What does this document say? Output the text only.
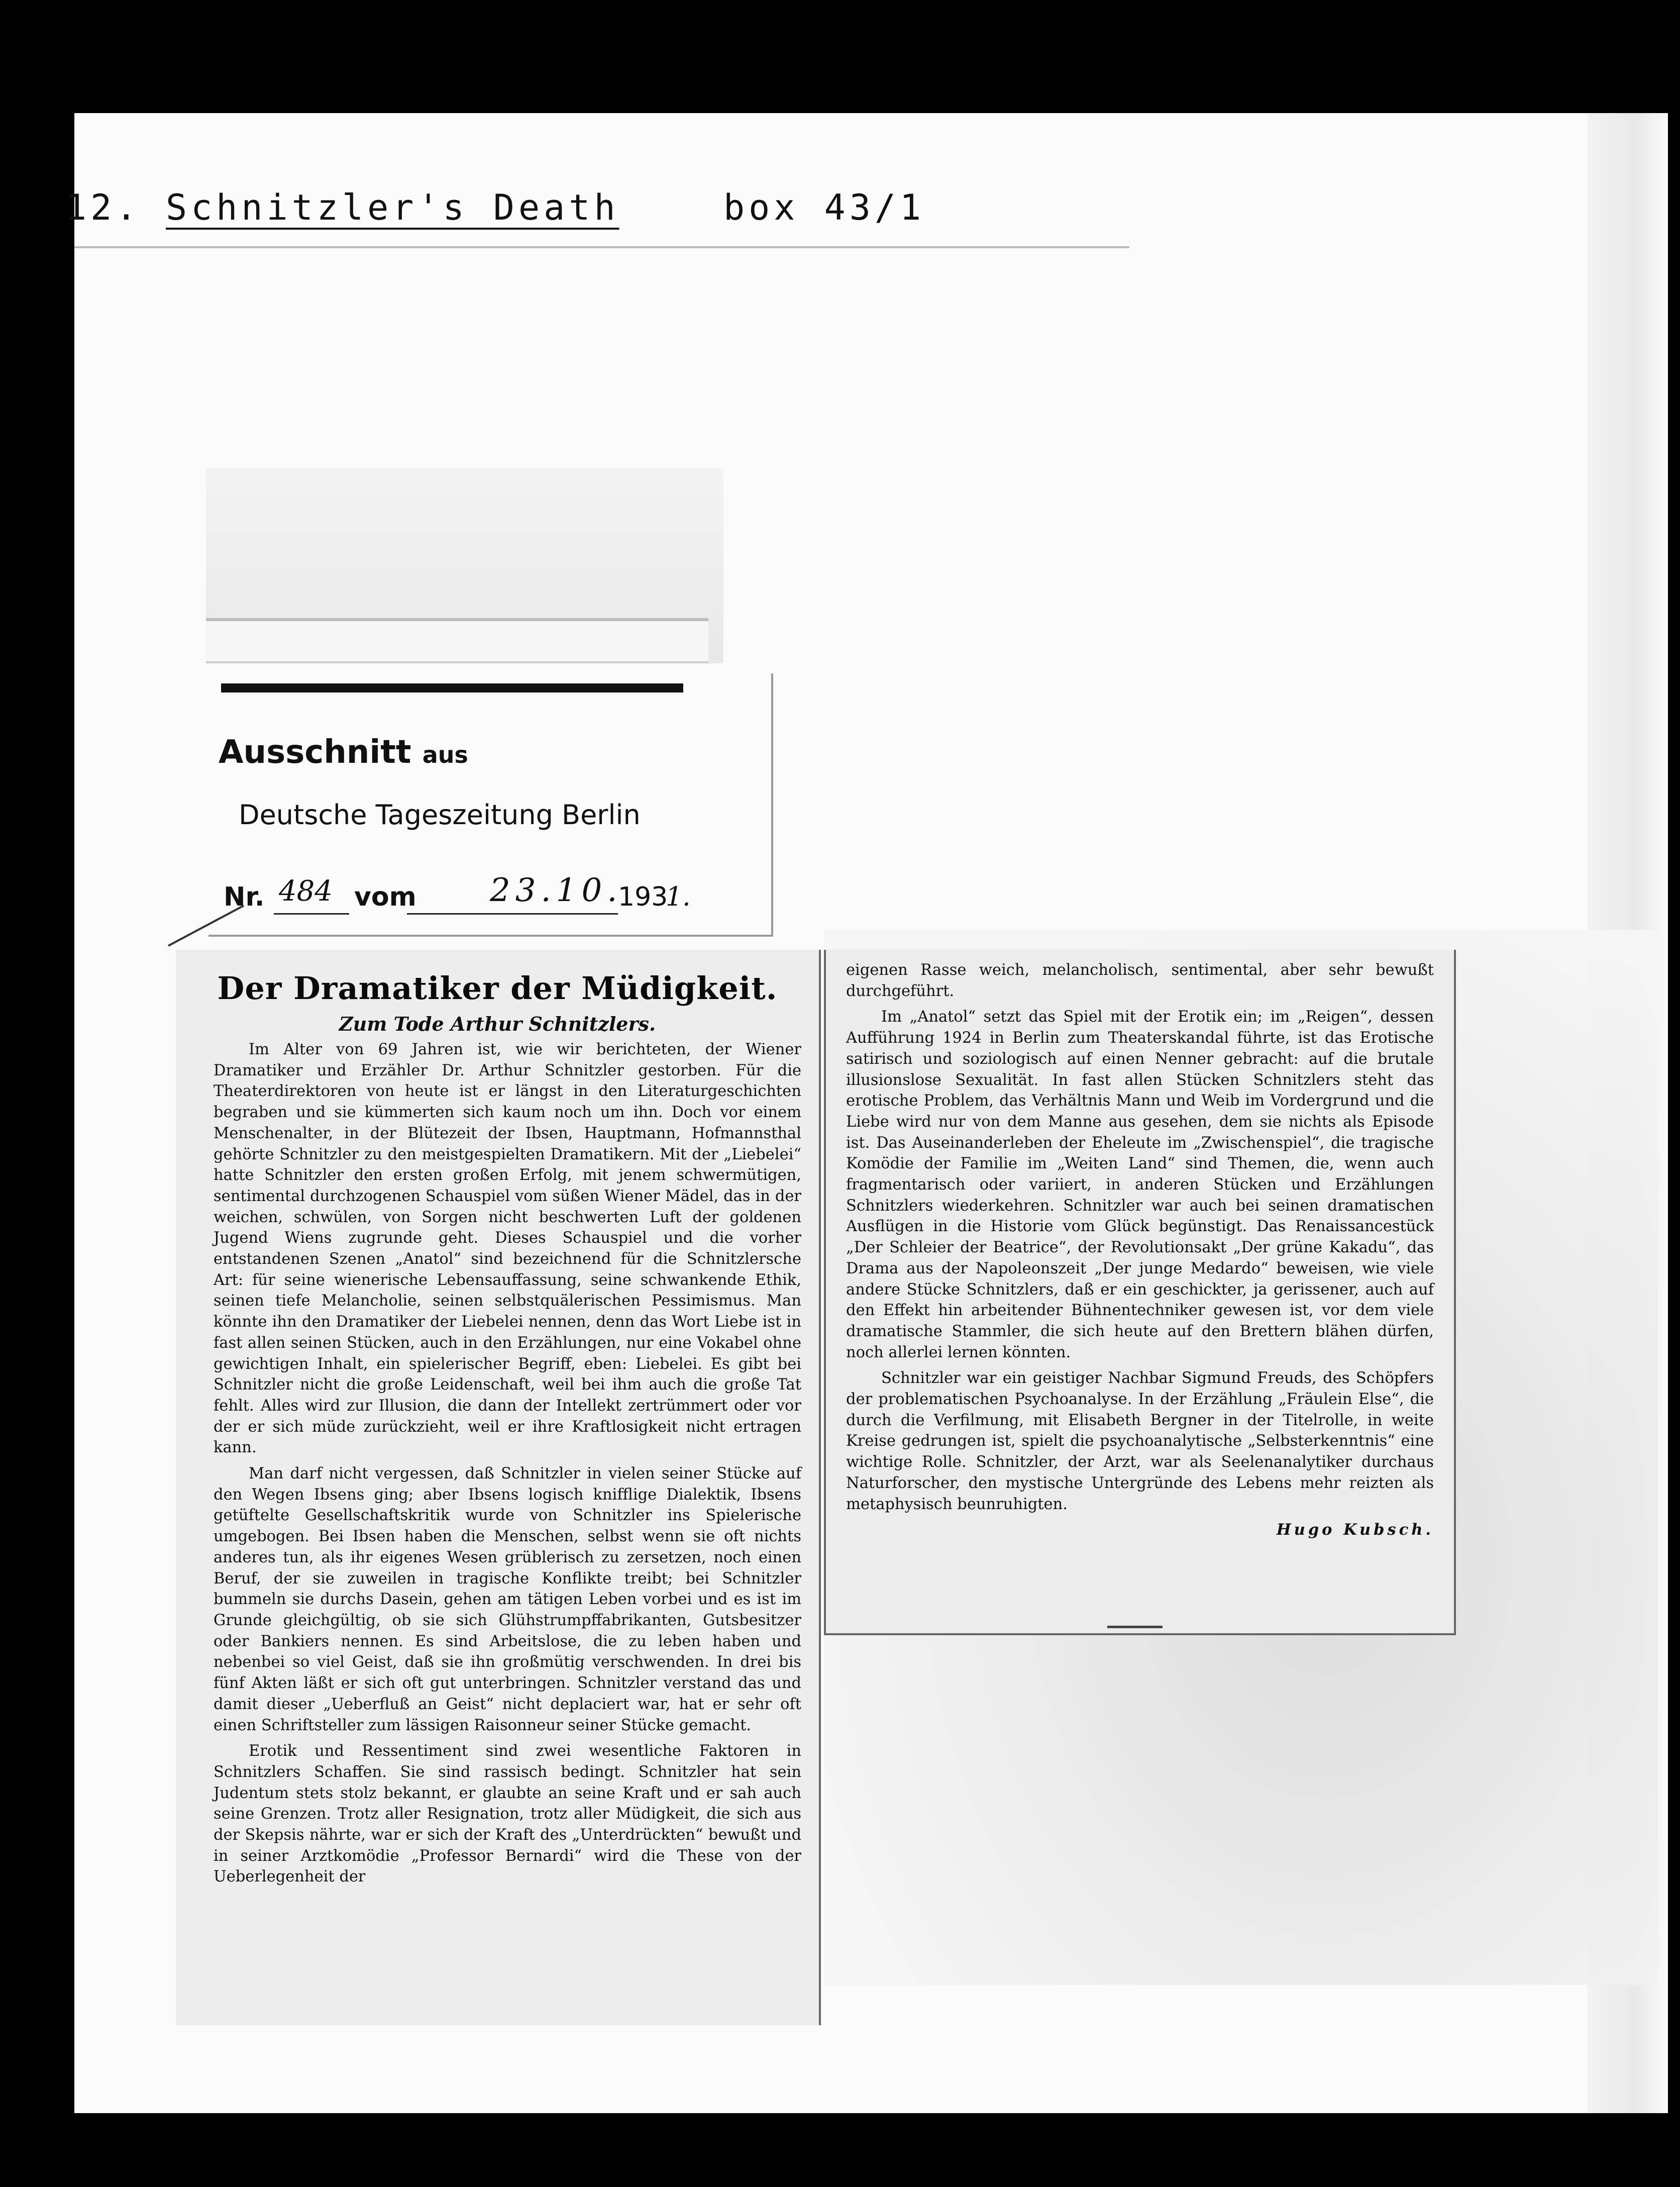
12. Schnitzler's Death	box 43/1
Ausschnitt aus
Deutsche Tageszeitung Berlin
Nr. 484 vom 23.10.
193
1.
Der Dramatiker der Müdigkeit.
Zum Tode Arthur Schnitzlers.

Im Alter von 69 Jahren ist, wie wir berichteten, der Wiener Dramatiker und Erzähler Dr. Arthur Schnitzler gestorben. Für die Theaterdirektoren von heute ist er längst in den Literaturgeschichten begraben und sie kümmerten sich kaum noch um ihn. Doch vor einem Menschenalter, in der Blütezeit der Ibsen, Hauptmann, Hofmannsthal gehörte Schnitzler zu den meistgespielten Dramatikern. Mit der „Liebelei“ hatte Schnitzler den ersten großen Erfolg, mit jenem schwermütigen, sentimental durchzogenen Schauspiel vom süßen Wiener Mädel, das in der weichen, schwülen, von Sorgen nicht beschwerten Luft der goldenen Jugend Wiens zugrunde geht. Dieses Schauspiel und die vorher entstandenen Szenen „Anatol“ sind bezeichnend für die Schnitzlersche Art: für seine wienerische Lebensauffassung, seine schwankende Ethik, seinen tiefe Melancholie, seinen selbstquälerischen Pessimismus. Man könnte ihn den Dramatiker der Liebelei nennen, denn das Wort Liebe ist in fast allen seinen Stücken, auch in den Erzählungen, nur eine Vokabel ohne gewichtigen Inhalt, ein spielerischer Begriff, eben: Liebelei. Es gibt bei Schnitzler nicht die große Leidenschaft, weil bei ihm auch die große Tat fehlt. Alles wird zur Illusion, die dann der Intellekt zertrümmert oder vor der er sich müde zurückzieht, weil er ihre Kraftlosigkeit nicht ertragen kann.

Man darf nicht vergessen, daß Schnitzler in vielen seiner Stücke auf den Wegen Ibsens ging; aber Ibsens logisch knifflige Dialektik, Ibsens getüftelte Gesellschaftskritik wurde von Schnitzler ins Spielerische umgebogen. Bei Ibsen haben die Menschen, selbst wenn sie oft nichts anderes tun, als ihr eigenes Wesen grüblerisch zu zersetzen, noch einen Beruf, der sie zuweilen in tragische Konflikte treibt; bei Schnitzler bummeln sie durchs Dasein, gehen am tätigen Leben vorbei und es ist im Grunde gleichgültig, ob sie sich Glühstrumpffabrikanten, Gutsbesitzer oder Bankiers nennen. Es sind Arbeitslose, die zu leben haben und nebenbei so viel Geist, daß sie ihn großmütig verschwenden. In drei bis fünf Akten läßt er sich oft gut unterbringen. Schnitzler verstand das und damit dieser „Ueberfluß an Geist“ nicht deplaciert war, hat er sehr oft einen Schriftsteller zum lässigen Raisonneur seiner Stücke gemacht.

Erotik und Ressentiment sind zwei wesentliche Faktoren in Schnitzlers Schaffen. Sie sind rassisch bedingt. Schnitzler hat sein Judentum stets stolz bekannt, er glaubte an seine Kraft und er sah auch seine Grenzen. Trotz aller Resignation, trotz aller Müdigkeit, die sich aus der Skepsis nährte, war er sich der Kraft des „Unterdrückten“ bewußt und in seiner Arztkomödie „Professor Bernardi“ wird die These von der Ueberlegenheit der

eigenen Rasse weich, melancholisch, sentimental, aber sehr bewußt durchgeführt.

Im „Anatol“ setzt das Spiel mit der Erotik ein; im „Reigen“, dessen Aufführung 1924 in Berlin zum Theaterskandal führte, ist das Erotische satirisch und soziologisch auf einen Nenner gebracht: auf die brutale illusionslose Sexualität. In fast allen Stücken Schnitzlers steht das erotische Problem, das Verhältnis Mann und Weib im Vordergrund und die Liebe wird nur von dem Manne aus gesehen, dem sie nichts als Episode ist. Das Auseinanderleben der Eheleute im „Zwischenspiel“, die tragische Komödie der Familie im „Weiten Land“ sind Themen, die, wenn auch fragmentarisch oder variiert, in anderen Stücken und Erzählungen Schnitzlers wiederkehren. Schnitzler war auch bei seinen dramatischen Ausflügen in die Historie vom Glück begünstigt. Das Renaissancestück „Der Schleier der Beatrice“, der Revolutionsakt „Der grüne Kakadu“, das Drama aus der Napoleonszeit „Der junge Medardo“ beweisen, wie viele andere Stücke Schnitzlers, daß er ein geschickter, ja gerissener, auch auf den Effekt hin arbeitender Bühnentechniker gewesen ist, vor dem viele dramatische Stammler, die sich heute auf den Brettern blähen dürfen, noch allerlei lernen könnten.

Schnitzler war ein geistiger Nachbar Sigmund Freuds, des Schöpfers der problematischen Psychoanalyse. In der Erzählung „Fräulein Else“, die durch die Verfilmung, mit Elisabeth Bergner in der Titelrolle, in weite Kreise gedrungen ist, spielt die psychoanalytische „Selbsterkenntnis“ eine wichtige Rolle. Schnitzler, der Arzt, war als Seelenanalytiker durchaus Naturforscher, den mystische Untergründe des Lebens mehr reizten als metaphysisch beunruhigten.

Hugo Kubsch.
